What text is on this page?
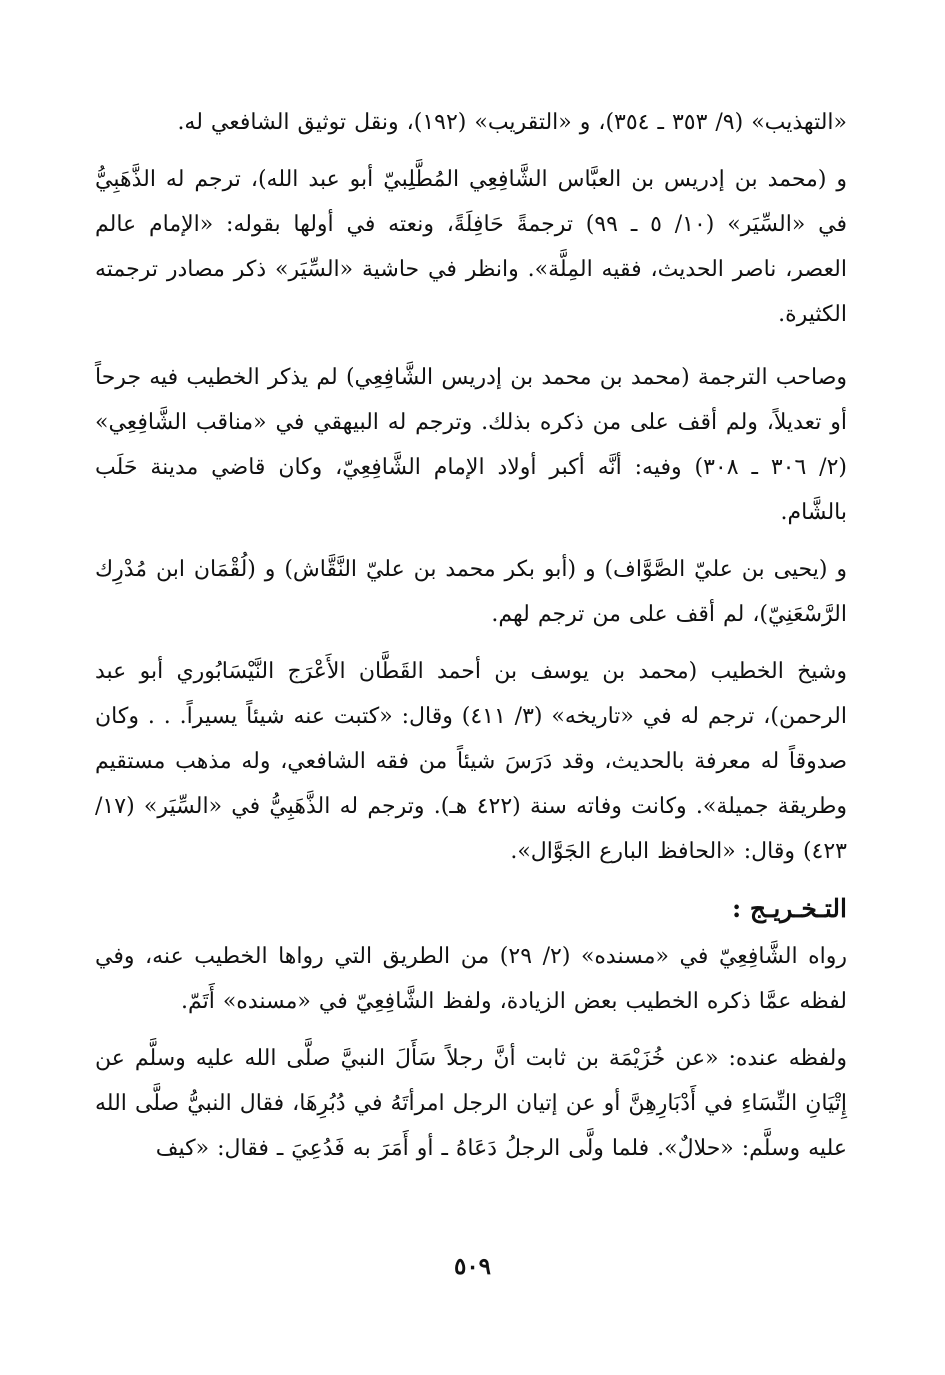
«التهذيب» (٩/ ٣٥٣ ـ ٣٥٤)، و «التقريب» (١٩٢)، ونقل توثيق الشافعي له.

و (محمد بن إدريس بن العبَّاس الشَّافِعِي المُطَّلِبيّ أبو عبد الله)، ترجم له الذَّهَبِيُّ في «السِّيَر» (١٠/ ٥ ـ ٩٩) ترجمةً حَافِلَةً، ونعته في أولها بقوله: «الإمام عالم العصر، ناصر الحديث، فقيه المِلَّة». وانظر في حاشية «السِّيَر» ذكر مصادر ترجمته الكثيرة.

وصاحب الترجمة (محمد بن محمد بن إدريس الشَّافِعِي) لم يذكر الخطيب فيه جرحاً أو تعديلاً، ولم أقف على من ذكره بذلك. وترجم له البيهقي في «مناقب الشَّافِعِي» (٢/ ٣٠٦ ـ ٣٠٨) وفيه: أنَّه أكبر أولاد الإمام الشَّافِعِيّ، وكان قاضي مدينة حَلَب بالشَّام.

و (يحيى بن عليّ الصَّوَّاف) و (أبو بكر محمد بن عليّ النَّقَّاش) و (لُقْمَان ابن مُدْرِك الرَّسْعَنِيّ)، لم أقف على من ترجم لهم.

وشيخ الخطيب (محمد بن يوسف بن أحمد القَطَّان الأَعْرَج النَّيْسَابُوري أبو عبد الرحمن)، ترجم له في «تاريخه» (٣/ ٤١١) وقال: «كتبت عنه شيئاً يسيراً. . . وكان صدوقاً له معرفة بالحديث، وقد دَرَسَ شيئاً من فقه الشافعي، وله مذهب مستقيم وطريقة جميلة». وكانت وفاته سنة (٤٢٢ هـ). وترجم له الذَّهَبِيُّ في «السِّيَر» (١٧/ ٤٢٣) وقال: «الحافظ البارع الجَوَّال».

التـخـريـج :

رواه الشَّافِعِيّ في «مسنده» (٢/ ٢٩) من الطريق التي رواها الخطيب عنه، وفي لفظه عمَّا ذكره الخطيب بعض الزيادة، ولفظ الشَّافِعِيّ في «مسنده» أَتَمّ.

ولفظه عنده: «عن خُزَيْمَة بن ثابت أنَّ رجلاً سَأَلَ النبيَّ صلَّى الله عليه وسلَّم عن إِتْيَانِ النِّسَاءِ في أَدْبَارِهِنَّ أو عن إتيان الرجل امرأتَهُ في دُبُرِهَا، فقال النبيُّ صلَّى الله عليه وسلَّم: «حلالٌ». فلما ولَّى الرجلُ دَعَاهُ ـ أو أَمَرَ به فَدُعِيَ ـ فقال: «كيف

٥٠٩
